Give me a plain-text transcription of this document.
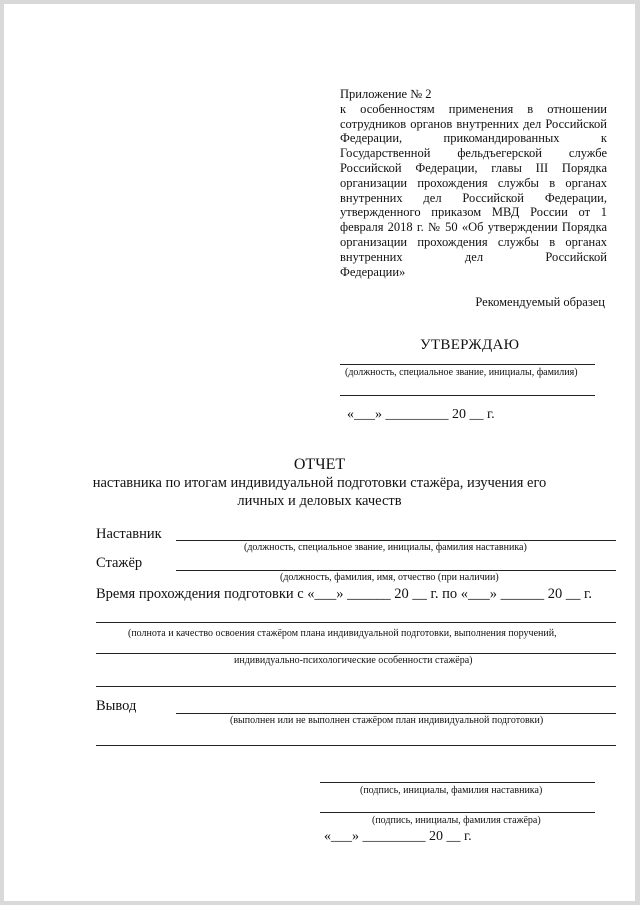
Приложение № 2

к особенностям применения в отношении сотрудников органов внутренних дел Российской Федерации, прикомандированных к Государственной фельдъегерской службе Российской Федерации, главы III Порядка организации прохождения службы в органах внутренних дел Российской Федерации, утвержденного приказом МВД России от 1 февраля 2018 г. № 50 «Об утверждении Порядка организации прохождения службы в органах внутренних дел Российской

Федерации»

Рекомендуемый образец
УТВЕРЖДАЮ
(должность, специальное звание, инициалы, фамилия)
«___» _________ 20 __ г.
ОТЧЕТ
наставника по итогам индивидуальной подготовки стажёра, изучения его
личных и деловых качеств
Наставник
(должность, специальное звание, инициалы, фамилия наставника)
Стажёр
(должность, фамилия, имя, отчество (при наличии)
Время прохождения подготовки с «___» ______ 20 __ г. по «___» ______ 20 __ г.
(полнота и качество освоения стажёром плана индивидуальной подготовки, выполнения поручений,
индивидуально-психологические особенности стажёра)
Вывод
(выполнен или не выполнен стажёром план индивидуальной подготовки)
(подпись, инициалы, фамилия наставника)
(подпись, инициалы, фамилия стажёра)
«___» _________ 20 __ г.
